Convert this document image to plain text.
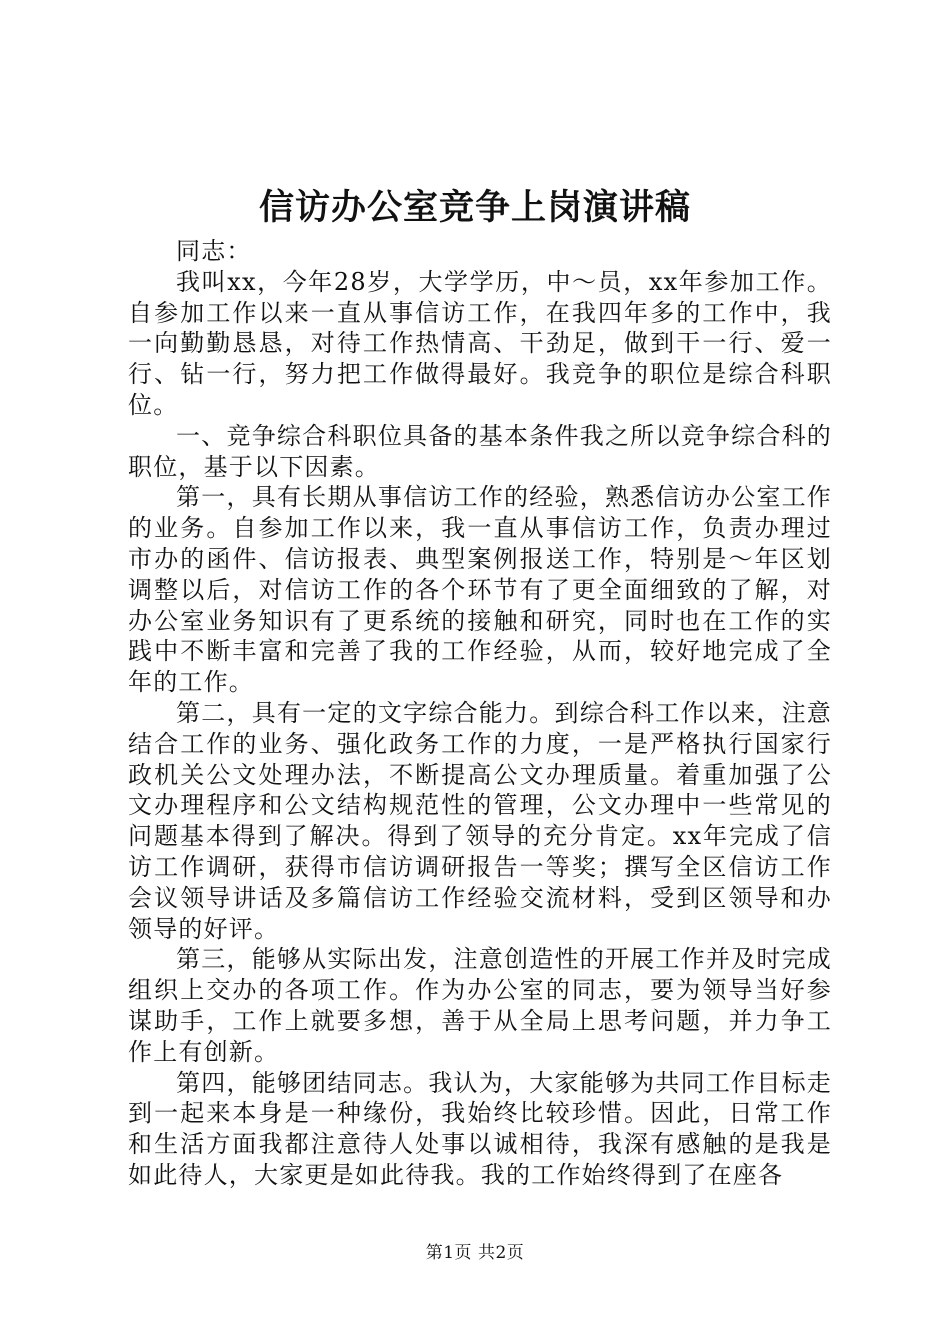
信访办公室竞争上岗演讲稿

同志：

我叫xx，今年28岁，大学学历，中～员，xx年参加工作。自参加工作以来一直从事信访工作，在我四年多的工作中，我一向勤勤恳恳，对待工作热情高、干劲足，做到干一行、爱一行、钻一行，努力把工作做得最好。我竞争的职位是综合科职位。

一、竞争综合科职位具备的基本条件我之所以竞争综合科的职位，基于以下因素。

第一，具有长期从事信访工作的经验，熟悉信访办公室工作的业务。自参加工作以来，我一直从事信访工作，负责办理过市办的函件、信访报表、典型案例报送工作，特别是～年区划调整以后，对信访工作的各个环节有了更全面细致的了解，对办公室业务知识有了更系统的接触和研究，同时也在工作的实践中不断丰富和完善了我的工作经验，从而，较好地完成了全年的工作。

第二，具有一定的文字综合能力。到综合科工作以来，注意结合工作的业务、强化政务工作的力度，一是严格执行国家行政机关公文处理办法，不断提高公文办理质量。着重加强了公文办理程序和公文结构规范性的管理，公文办理中一些常见的问题基本得到了解决。得到了领导的充分肯定。xx年完成了信访工作调研，获得市信访调研报告一等奖；撰写全区信访工作会议领导讲话及多篇信访工作经验交流材料，受到区领导和办领导的好评。

第三，能够从实际出发，注意创造性的开展工作并及时完成组织上交办的各项工作。作为办公室的同志，要为领导当好参谋助手，工作上就要多想，善于从全局上思考问题，并力争工作上有创新。

第四，能够团结同志。我认为，大家能够为共同工作目标走到一起来本身是一种缘份，我始终比较珍惜。因此，日常工作和生活方面我都注意待人处事以诚相待，我深有感触的是我是如此待人，大家更是如此待我。我的工作始终得到了在座各

第1页 共2页
